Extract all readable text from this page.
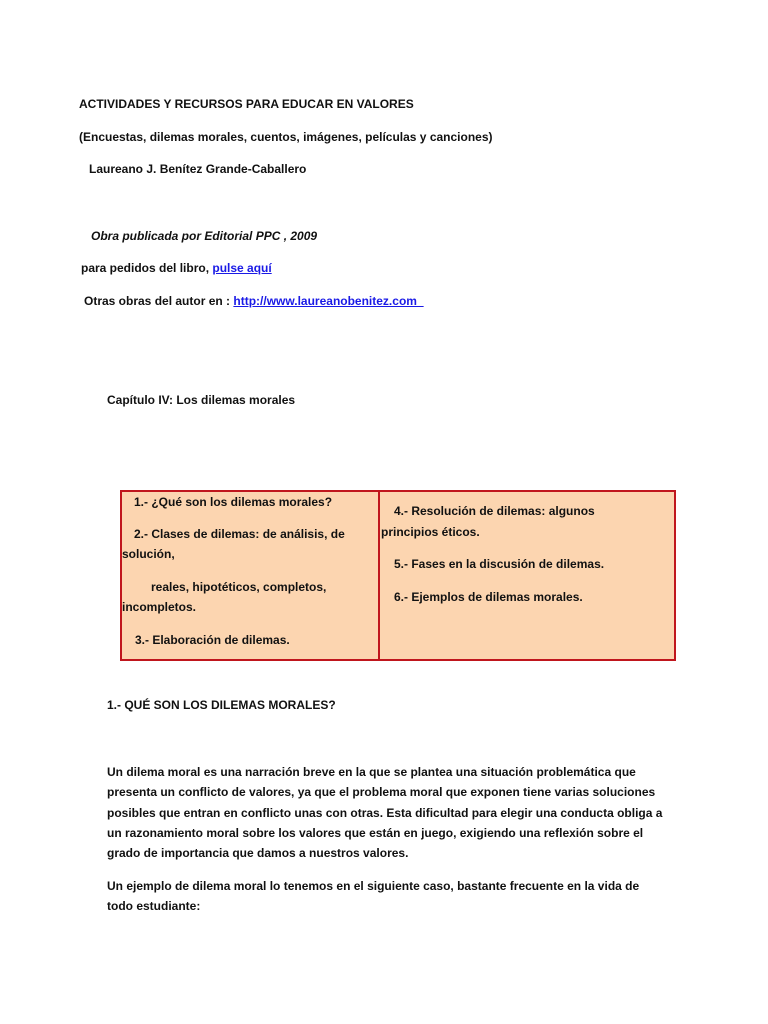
ACTIVIDADES Y RECURSOS PARA EDUCAR EN VALORES
(Encuestas, dilemas morales, cuentos, imágenes, películas y canciones)
Laureano J. Benítez Grande-Caballero
Obra publicada por Editorial PPC , 2009
para pedidos del libro, pulse aquí
Otras obras del autor en : http://www.laureanobenitez.com
Capítulo IV: Los dilemas morales
1.- ¿Qué son los dilemas morales?
2.- Clases de dilemas: de análisis, de
solución,
reales, hipotéticos, completos,
incompletos.
3.- Elaboración de dilemas.
4.- Resolución de dilemas: algunos
principios éticos.
5.- Fases en la discusión de dilemas.
6.- Ejemplos de dilemas morales.
1.- QUÉ SON LOS DILEMAS MORALES?
Un dilema moral es una narración breve en la que se plantea una situación problemática que presenta un conflicto de valores, ya que el problema moral que exponen tiene varias soluciones posibles que entran en conflicto unas con otras. Esta dificultad para elegir una conducta obliga a un razonamiento moral sobre los valores que están en juego, exigiendo una reflexión sobre el grado de importancia que damos a nuestros valores.
Un ejemplo de dilema moral lo tenemos en el siguiente caso, bastante frecuente en la vida de todo estudiante:
